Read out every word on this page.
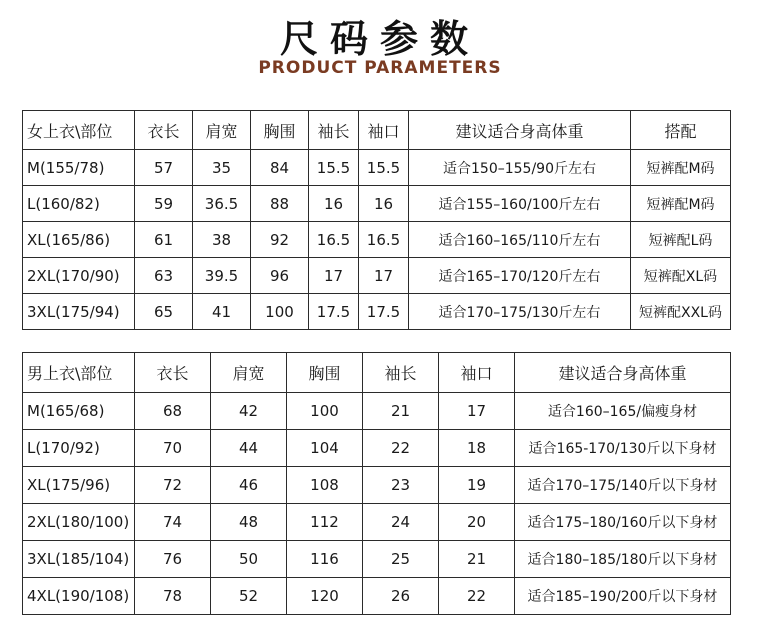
尺码参数
PRODUCT PARAMETERS
女上衣\部位	衣长	肩宽	胸围	袖长	袖口	建议适合身高体重	搭配
M(155/78)	57	35	84	15.5	15.5	适合150–155/90斤左右	短裤配M码
L(160/82)	59	36.5	88	16	16	适合155–160/100斤左右	短裤配M码
XL(165/86)	61	38	92	16.5	16.5	适合160–165/110斤左右	短裤配L码
2XL(170/90)	63	39.5	96	17	17	适合165–170/120斤左右	短裤配XL码
3XL(175/94)	65	41	100	17.5	17.5	适合170–175/130斤左右	短裤配XXL码
男上衣\部位	衣长	肩宽	胸围	袖长	袖口	建议适合身高体重
M(165/68)	68	42	100	21	17	适合160–165/偏瘦身材
L(170/92)	70	44	104	22	18	适合165-170/130斤以下身材
XL(175/96)	72	46	108	23	19	适合170–175/140斤以下身材
2XL(180/100)	74	48	112	24	20	适合175–180/160斤以下身材
3XL(185/104)	76	50	116	25	21	适合180–185/180斤以下身材
4XL(190/108)	78	52	120	26	22	适合185–190/200斤以下身材
